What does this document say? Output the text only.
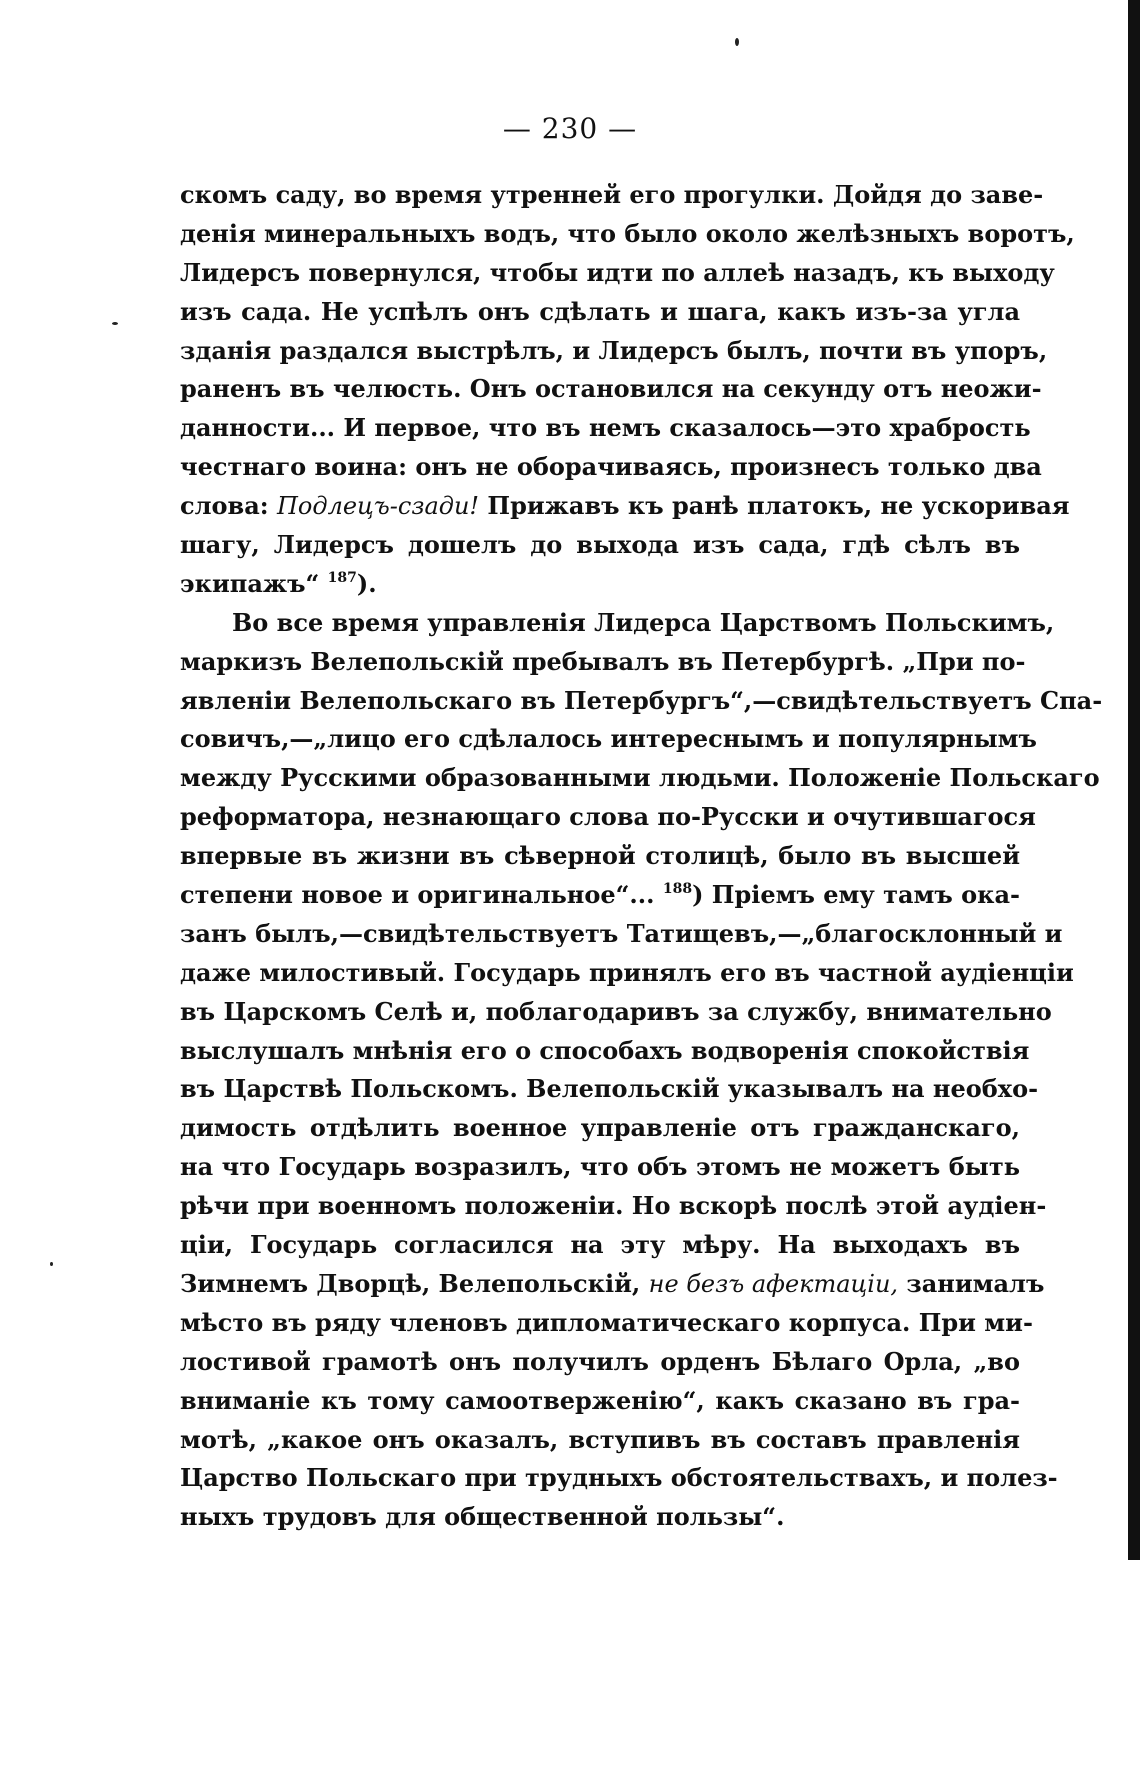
— 230 —
скомъ саду, во время утренней его прогулки. Дойдя до заве-
денія минеральныхъ водъ, что было около желѣзныхъ воротъ,
Лидерсъ повернулся, чтобы идти по аллеѣ назадъ, къ выходу
изъ сада. Не успѣлъ онъ сдѣлать и шага, какъ изъ-за угла
зданія раздался выстрѣлъ, и Лидерсъ былъ, почти въ упоръ,
раненъ въ челюсть. Онъ остановился на секунду отъ неожи-
данности... И первое, что въ немъ сказалось—это храбрость
честнаго воина: онъ не оборачиваясь, произнесъ только два
слова: Подлецъ-сзади! Прижавъ къ ранѣ платокъ, не ускоривая
шагу, Лидерсъ дошелъ до выхода изъ сада, гдѣ сѣлъ въ
экипажъ“ $^{187}$).
Во все время управленія Лидерса Царствомъ Польскимъ,
маркизъ Велепольскій пребывалъ въ Петербургѣ. „При по-
явленіи Велепольскаго въ Петербургъ“,—свидѣтельствуетъ Спа-
совичъ,—„лицо его сдѣлалось интереснымъ и популярнымъ
между Русскими образованными людьми. Положеніе Польскаго
реформатора, незнающаго слова по-Русски и очутившагося
впервые въ жизни въ сѣверной столицѣ, было въ высшей
степени новое и оригинальное“... $^{188}$) Пріемъ ему тамъ ока-
занъ былъ,—свидѣтельствуетъ Татищевъ,—„благосклонный и
даже милостивый. Государь принялъ его въ частной аудіенціи
въ Царскомъ Селѣ и, поблагодаривъ за службу, внимательно
выслушалъ мнѣнія его о способахъ водворенія спокойствія
въ Царствѣ Польскомъ. Велепольскій указывалъ на необхо-
димость отдѣлить военное управленіе отъ гражданскаго,
на что Государь возразилъ, что объ этомъ не можетъ быть
рѣчи при военномъ положеніи. Но вскорѣ послѣ этой аудіен-
ціи, Государь согласился на эту мѣру. На выходахъ въ
Зимнемъ Дворцѣ, Велепольскій, не безъ афектаціи, занималъ
мѣсто въ ряду членовъ дипломатическаго корпуса. При ми-
лостивой грамотѣ онъ получилъ орденъ Бѣлаго Орла, „во
вниманіе къ тому самоотверженію“, какъ сказано въ гра-
мотѣ, „какое онъ оказалъ, вступивъ въ составъ правленія
Царство Польскаго при трудныхъ обстоятельствахъ, и полез-
ныхъ трудовъ для общественной пользы“.
